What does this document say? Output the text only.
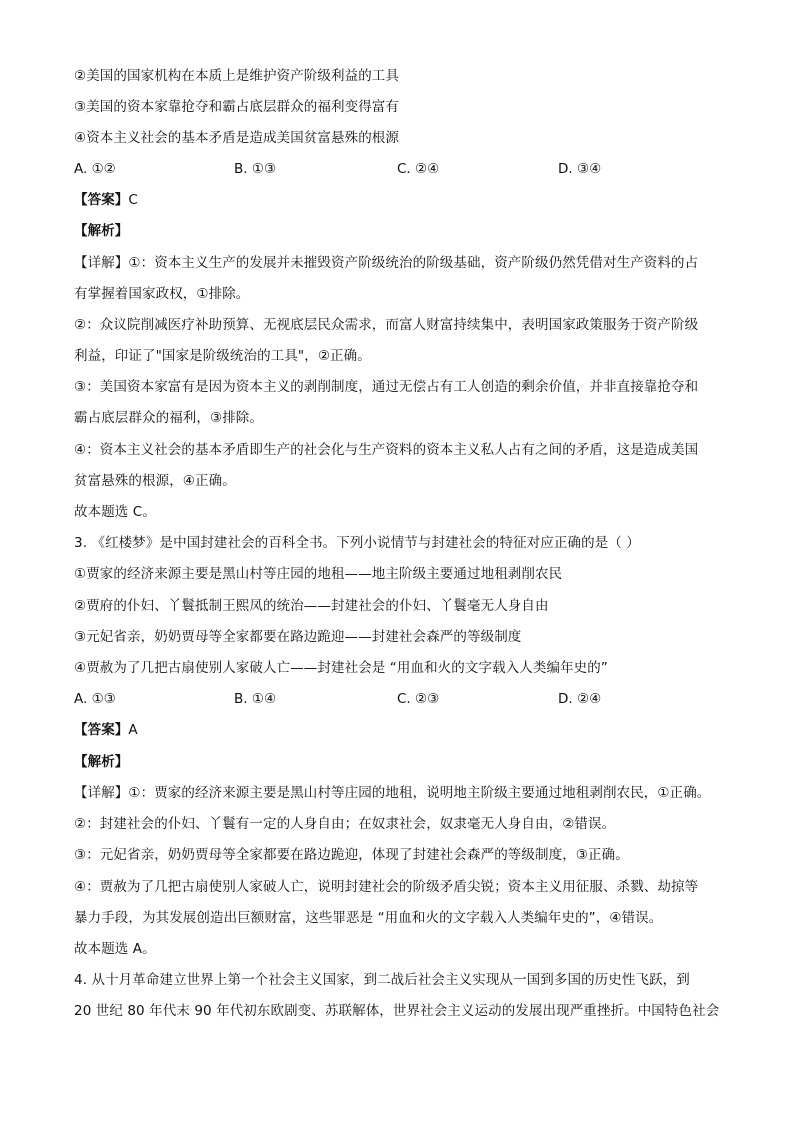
②美国的国家机构在本质上是维护资产阶级利益的工具
③美国的资本家靠抢夺和霸占底层群众的福利变得富有
④资本主义社会的基本矛盾是造成美国贫富悬殊的根源
A. ①②	B. ①③	C. ②④	D. ③④
【答案】C
【解析】
【详解】①：资本主义生产的发展并未摧毁资产阶级统治的阶级基础，资产阶级仍然凭借对生产资料的占
有掌握着国家政权，①排除。
②：众议院削减医疗补助预算、无视底层民众需求，而富人财富持续集中，表明国家政策服务于资产阶级
利益，印证了"国家是阶级统治的工具"，②正确。
③：美国资本家富有是因为资本主义的剥削制度，通过无偿占有工人创造的剩余价值，并非直接靠抢夺和
霸占底层群众的福利，③排除。
④：资本主义社会的基本矛盾即生产的社会化与生产资料的资本主义私人占有之间的矛盾，这是造成美国
贫富悬殊的根源，④正确。
故本题选 C。
3. 《红楼梦》是中国封建社会的百科全书。下列小说情节与封建社会的特征对应正确的是（ ）
①贾家的经济来源主要是黑山村等庄园的地租——地主阶级主要通过地租剥削农民
②贾府的仆妇、丫鬟抵制王熙凤的统治——封建社会的仆妇、丫鬟毫无人身自由
③元妃省亲，奶奶贾母等全家都要在路边跪迎——封建社会森严的等级制度
④贾赦为了几把古扇使别人家破人亡——封建社会是 “用血和火的文字载入人类编年史的”
A. ①③	B. ①④	C. ②③	D. ②④
【答案】A
【解析】
【详解】①：贾家的经济来源主要是黑山村等庄园的地租，说明地主阶级主要通过地租剥削农民，①正确。
②：封建社会的仆妇、丫鬟有一定的人身自由；在奴隶社会，奴隶毫无人身自由，②错误。
③：元妃省亲，奶奶贾母等全家都要在路边跪迎，体现了封建社会森严的等级制度，③正确。
④：贾赦为了几把古扇使别人家破人亡，说明封建社会的阶级矛盾尖锐；资本主义用征服、杀戮、劫掠等
暴力手段，为其发展创造出巨额财富，这些罪恶是 “用血和火的文字载入人类编年史的”，④错误。
故本题选 A。
4. 从十月革命建立世界上第一个社会主义国家，到二战后社会主义实现从一国到多国的历史性飞跃，到
20 世纪 80 年代末 90 年代初东欧剧变、苏联解体，世界社会主义运动的发展出现严重挫折。中国特色社会
